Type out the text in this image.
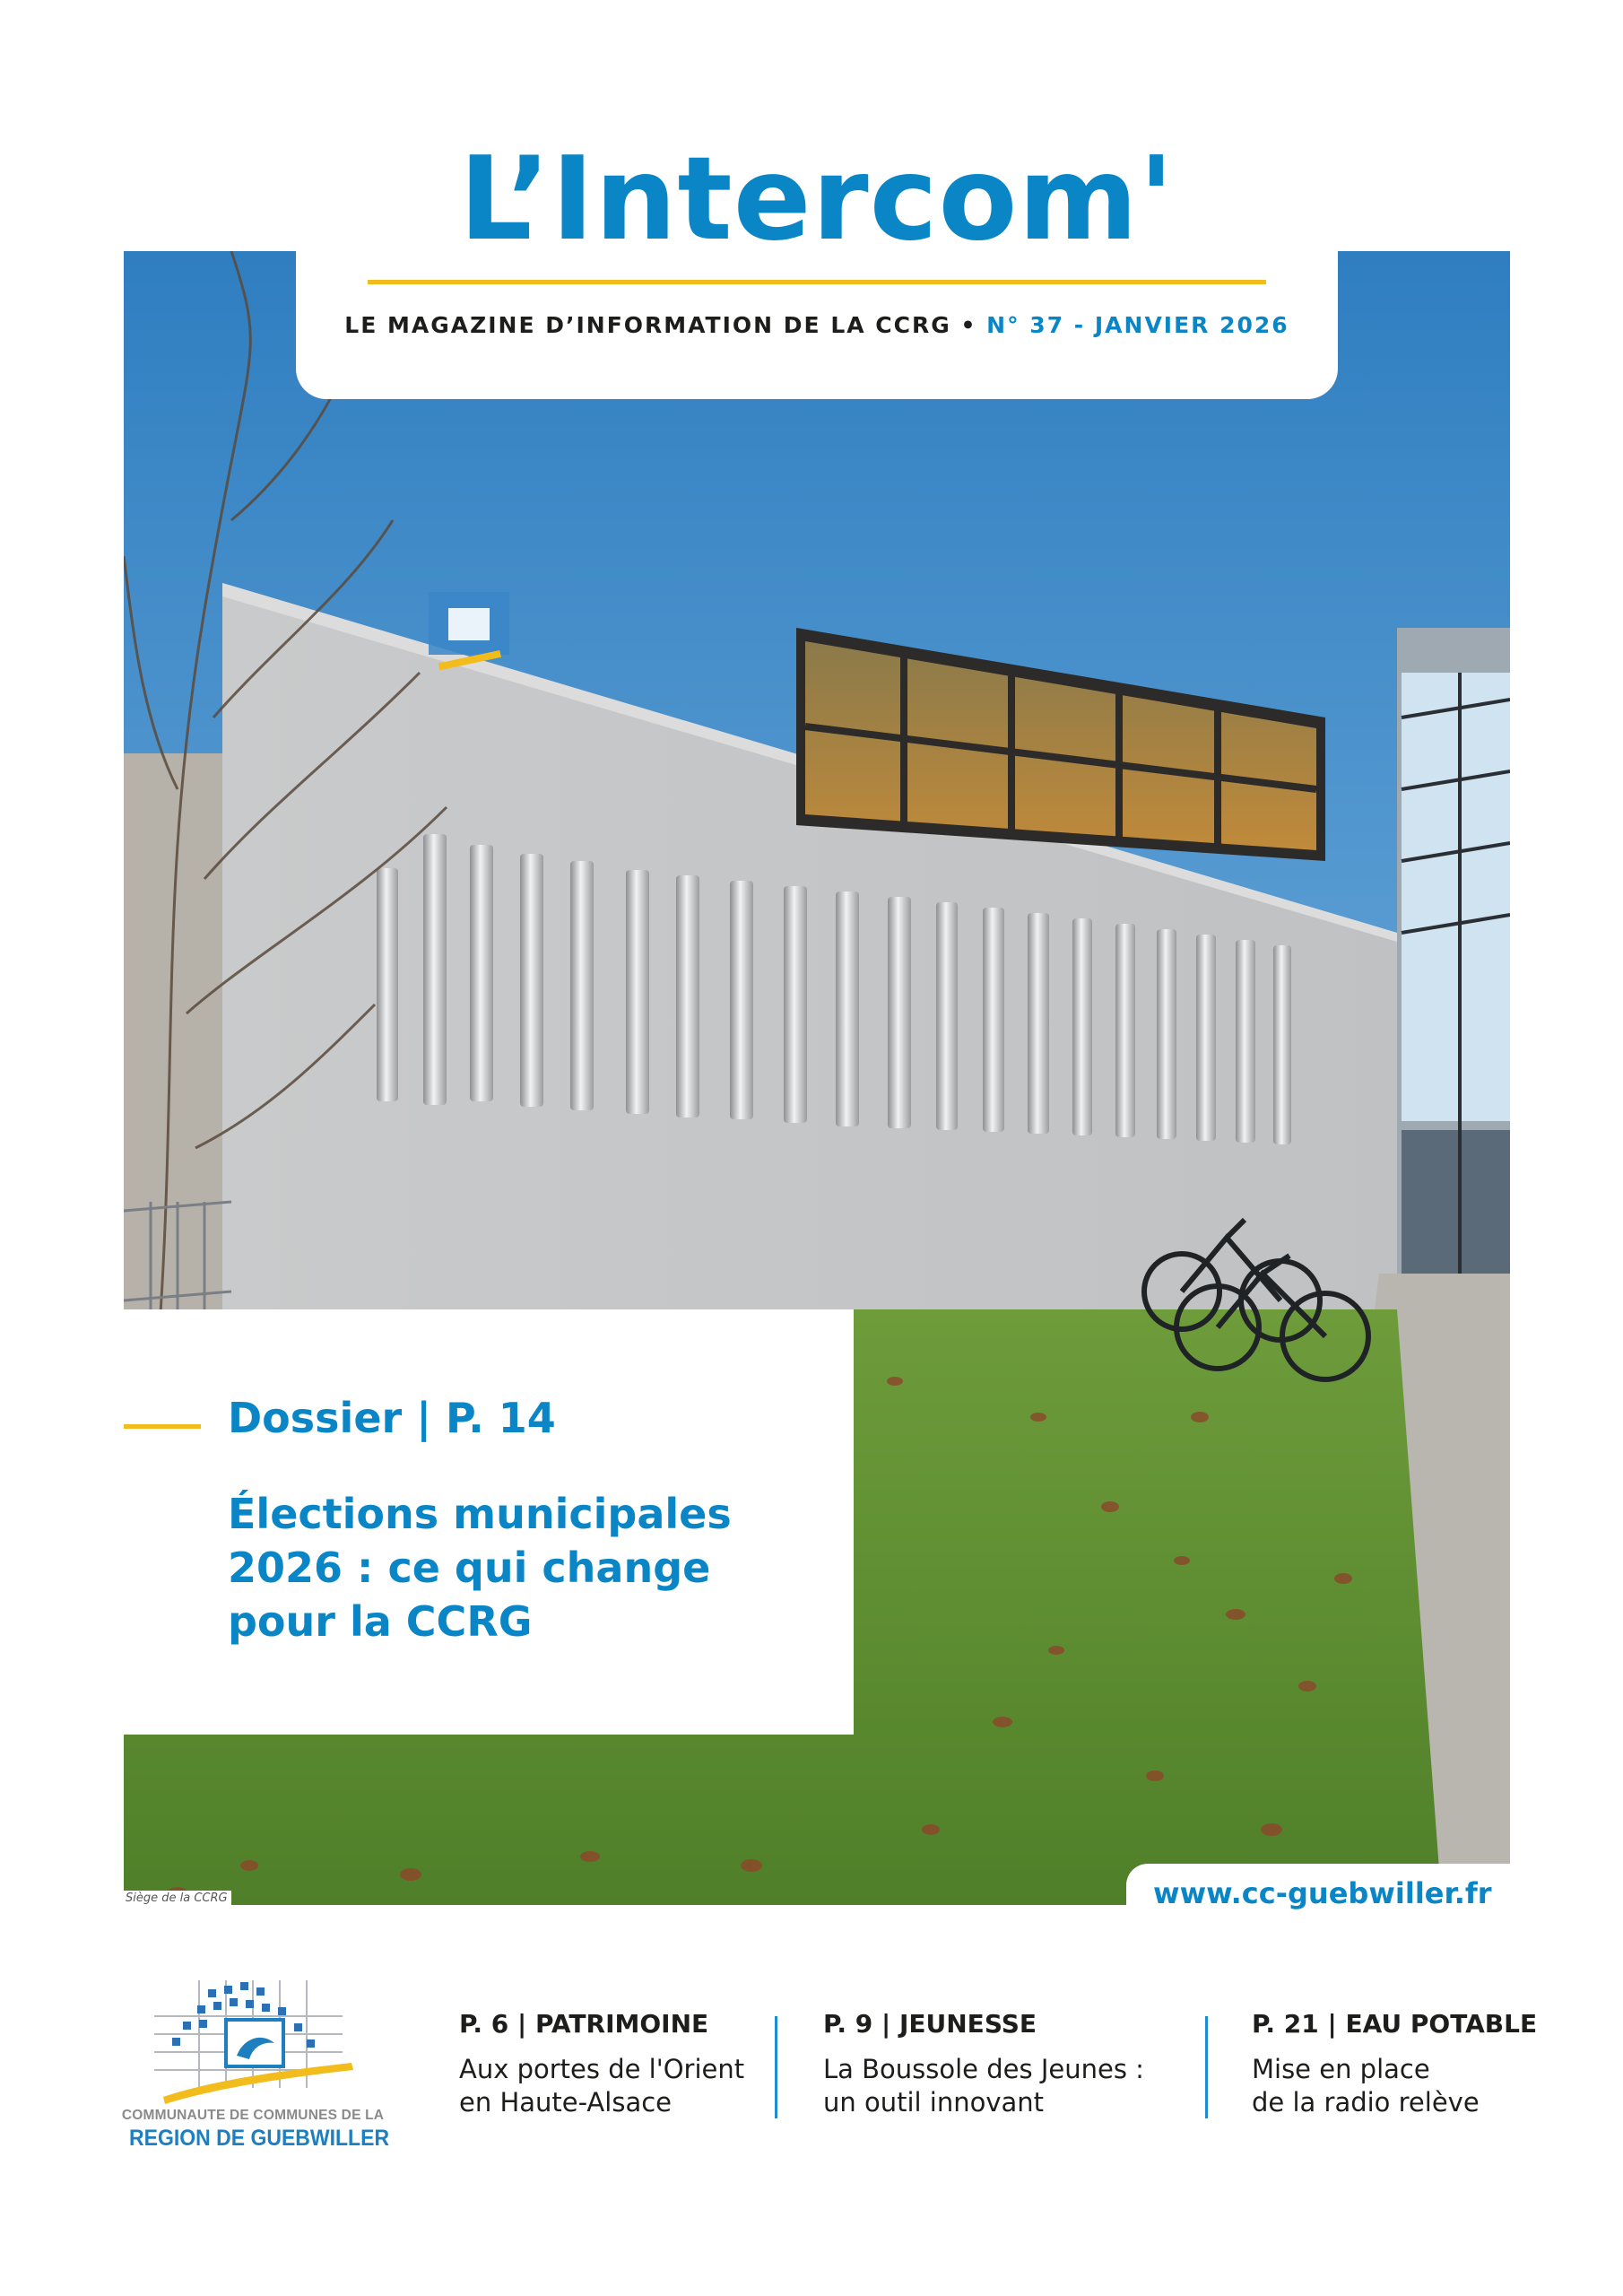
L’Intercom'
LE MAGAZINE D’INFORMATION DE LA CCRG • N° 37 - JANVIER 2026
Dossier | P. 14
Élections municipales 2026 : ce qui change pour la CCRG
Siège de la CCRG	www.cc-guebwiller.fr
COMMUNAUTE DE COMMUNES DE LA
REGION DE GUEBWILLER
P. 6 | PATRIMOINE

Aux portes de l'Orient
en Haute-Alsace

P. 9 | JEUNESSE

La Boussole des Jeunes :
un outil innovant

P. 21 | EAU POTABLE

Mise en place
de la radio relève
